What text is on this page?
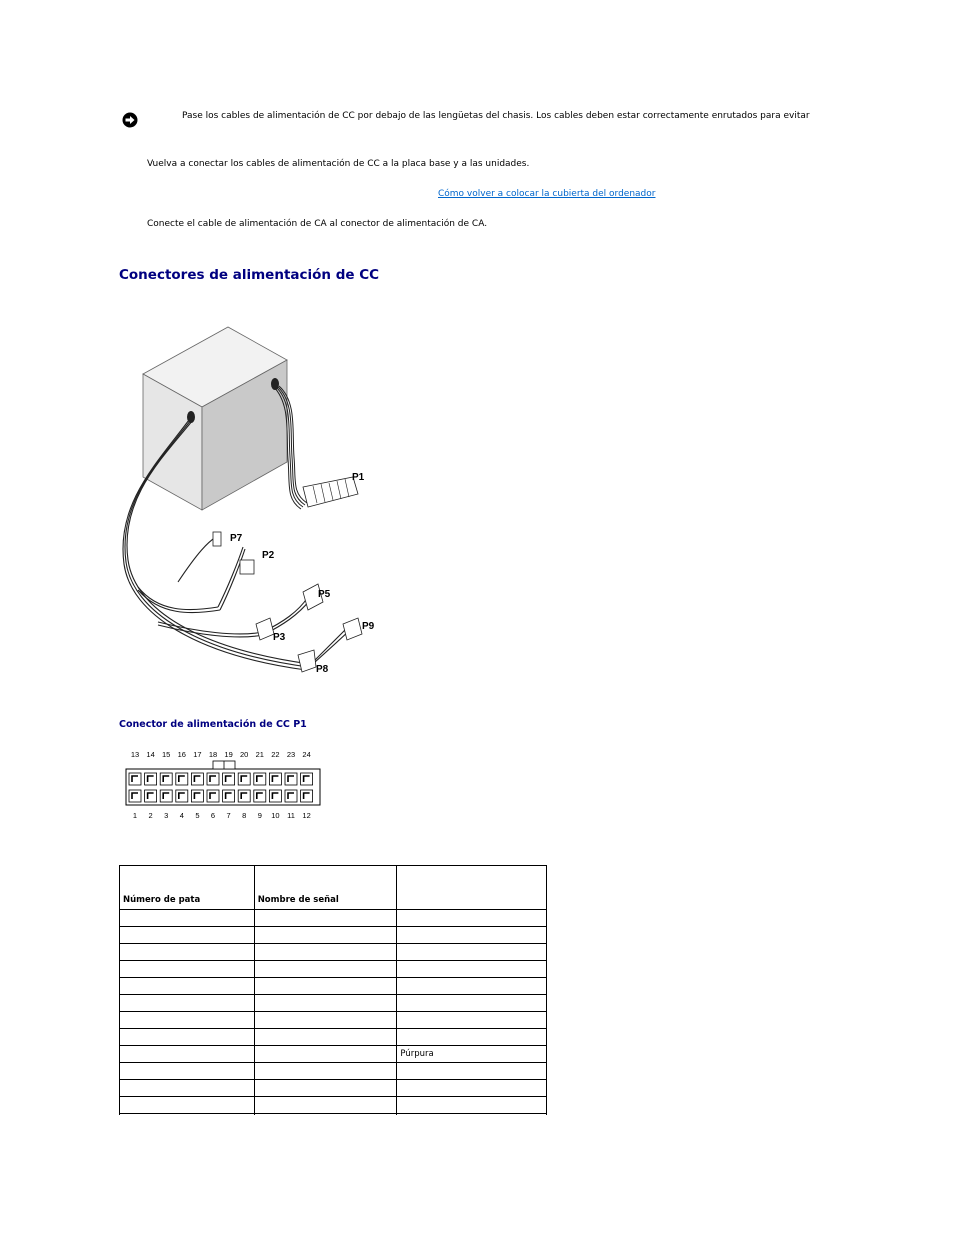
Pase los cables de alimentación de CC por debajo de las lengüetas del chasis. Los cables deben estar correctamente enrutados para evitar
Vuelva a conectar los cables de alimentación de CC a la placa base y a las unidades.
Cómo volver a colocar la cubierta del ordenador
Conecte el cable de alimentación de CA al conector de alimentación de CA.
Conectores de alimentación de CC
P1
P7
P2
P5
P3
P9
P8
Conector de alimentación de CC P1
13
1
14
2
15
3
16
4
17
5
18
6
19
7
20
8
21
9
22
10
23
11
24
12
Número de pata	Nombre de señal	

		Púrpura
